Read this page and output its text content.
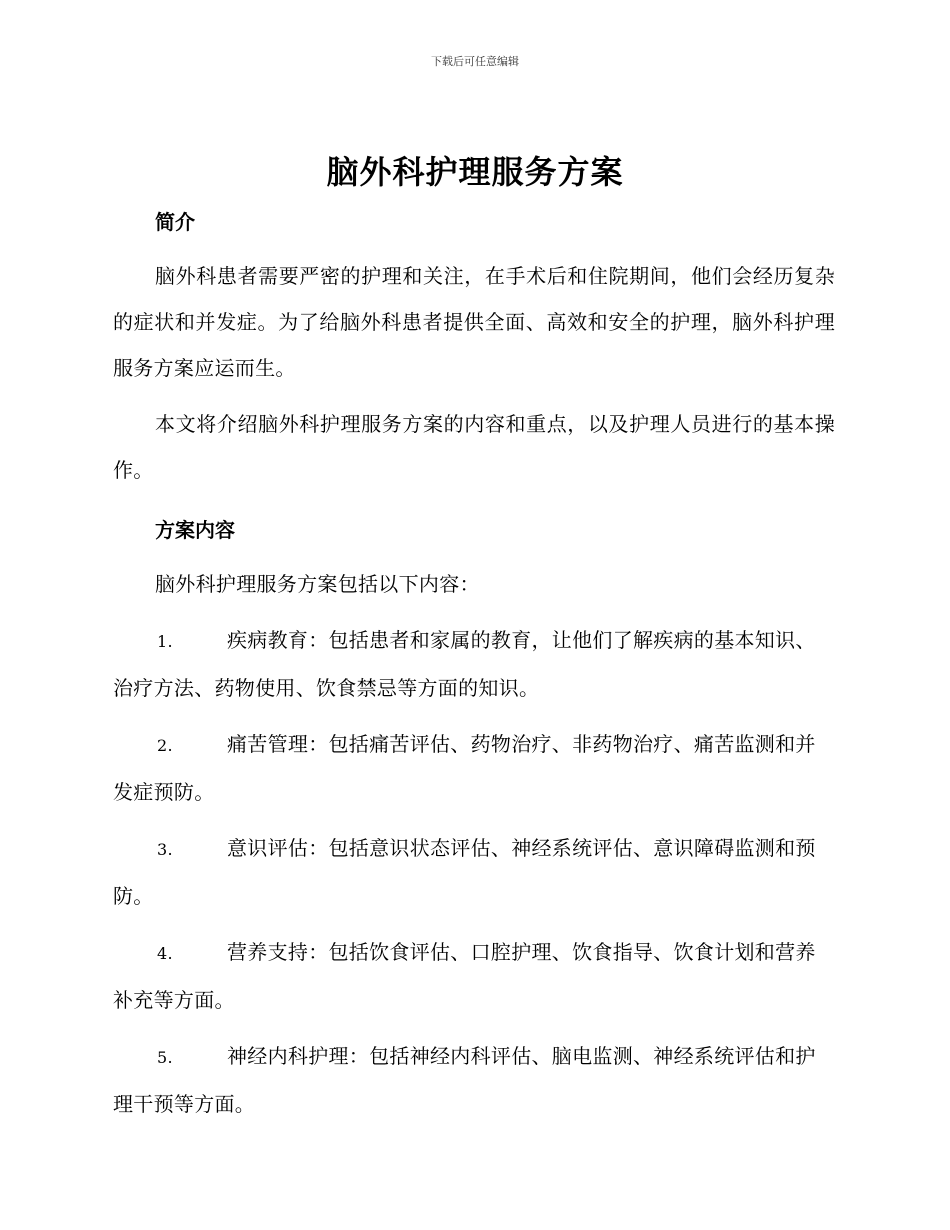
下载后可任意编辑
脑外科护理服务方案

简介

脑外科患者需要严密的护理和关注，在手术后和住院期间，他们会经历复杂的症状和并发症。为了给脑外科患者提供全面、高效和安全的护理，脑外科护理服务方案应运而生。

本文将介绍脑外科护理服务方案的内容和重点，以及护理人员进行的基本操作。

方案内容

脑外科护理服务方案包括以下内容：

1.	疾病教育：包括患者和家属的教育，让他们了解疾病的基本知识、治疗方法、药物使用、饮食禁忌等方面的知识。

2.	痛苦管理：包括痛苦评估、药物治疗、非药物治疗、痛苦监测和并发症预防。

3.	意识评估：包括意识状态评估、神经系统评估、意识障碍监测和预防。

4.	营养支持：包括饮食评估、口腔护理、饮食指导、饮食计划和营养补充等方面。

5.	神经内科护理：包括神经内科评估、脑电监测、神经系统评估和护理干预等方面。
